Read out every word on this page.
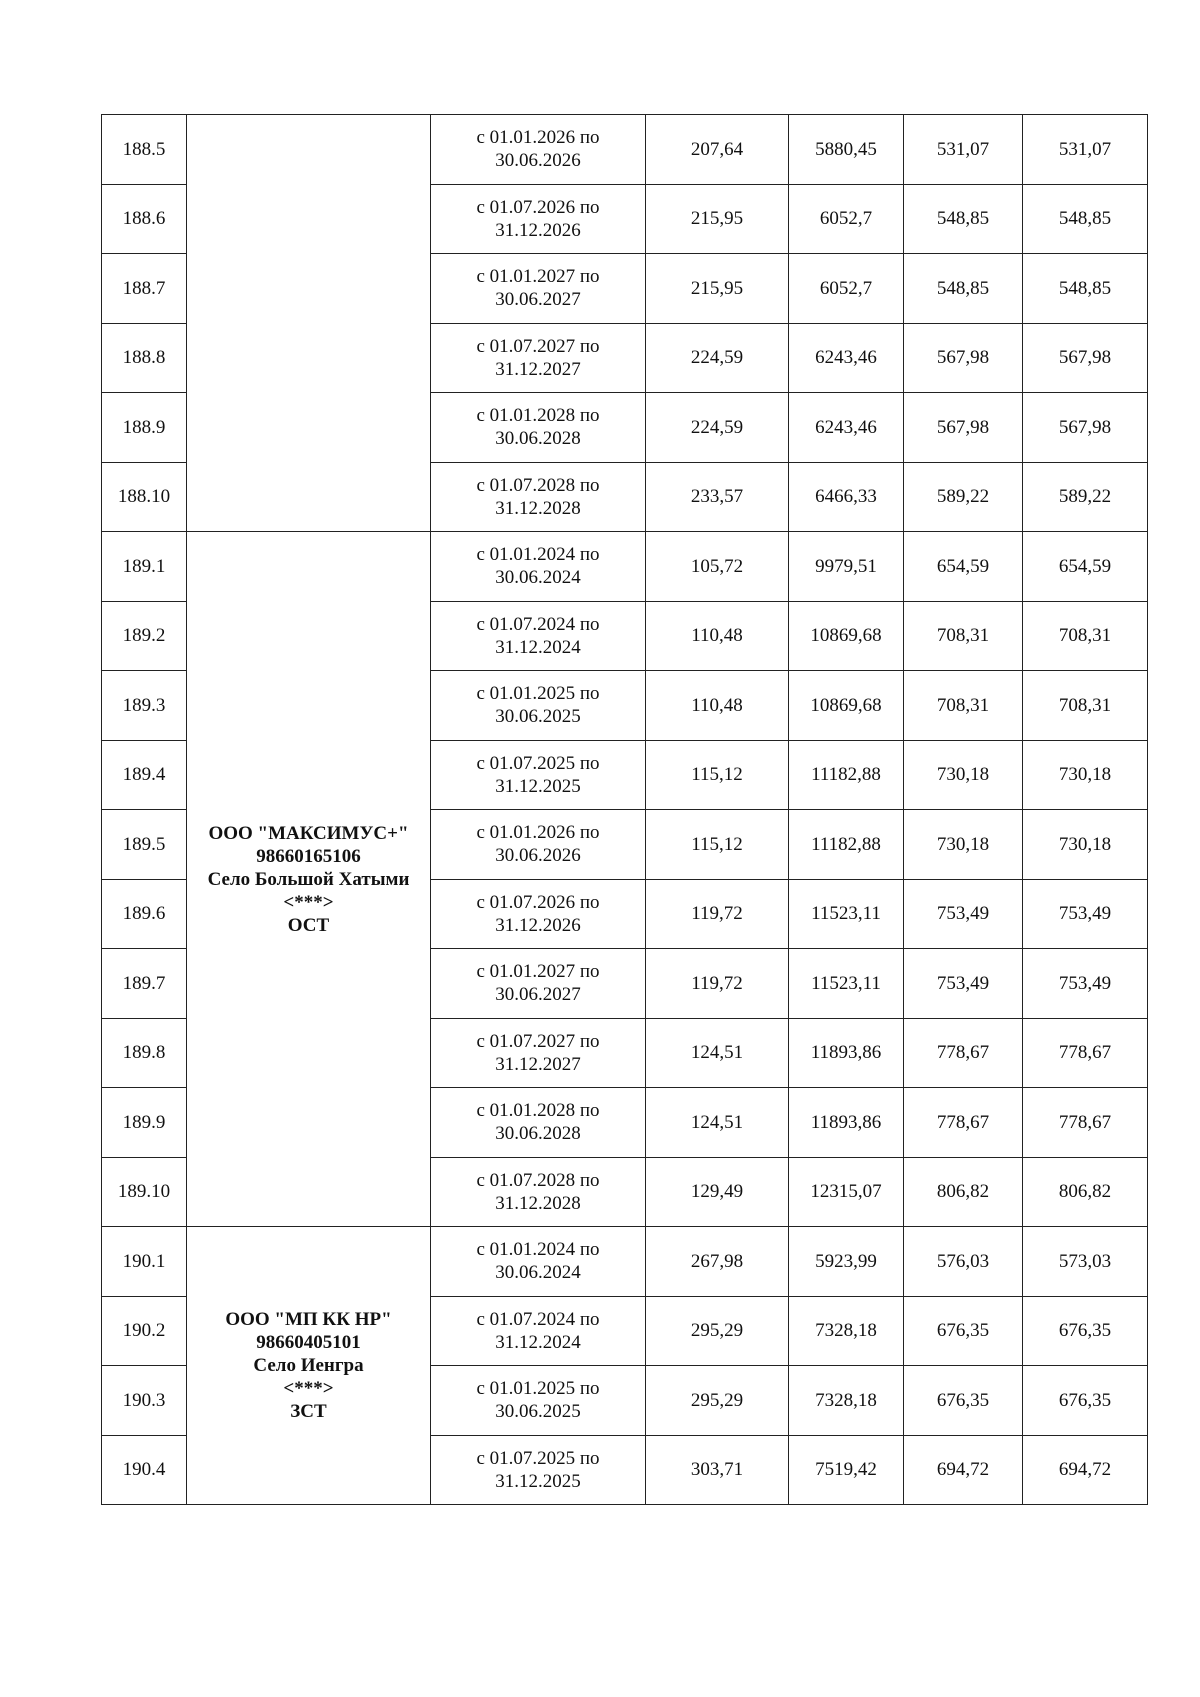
188.5		с 01.01.2026 по
30.06.2026	207,64	5880,45	531,07	531,07
188.6		с 01.07.2026 по
31.12.2026	215,95	6052,7	548,85	548,85
188.7		с 01.01.2027 по
30.06.2027	215,95	6052,7	548,85	548,85
188.8		с 01.07.2027 по
31.12.2027	224,59	6243,46	567,98	567,98
188.9		с 01.01.2028 по
30.06.2028	224,59	6243,46	567,98	567,98
188.10		с 01.07.2028 по
31.12.2028	233,57	6466,33	589,22	589,22
189.1	ООО "МАКСИМУС+"
98660165106
Село Большой Хатыми
<***>
ОСТ	с 01.01.2024 по
30.06.2024	105,72	9979,51	654,59	654,59
189.2		с 01.07.2024 по
31.12.2024	110,48	10869,68	708,31	708,31
189.3		с 01.01.2025 по
30.06.2025	110,48	10869,68	708,31	708,31
189.4		с 01.07.2025 по
31.12.2025	115,12	11182,88	730,18	730,18
189.5		с 01.01.2026 по
30.06.2026	115,12	11182,88	730,18	730,18
189.6		с 01.07.2026 по
31.12.2026	119,72	11523,11	753,49	753,49
189.7		с 01.01.2027 по
30.06.2027	119,72	11523,11	753,49	753,49
189.8		с 01.07.2027 по
31.12.2027	124,51	11893,86	778,67	778,67
189.9		с 01.01.2028 по
30.06.2028	124,51	11893,86	778,67	778,67
189.10		с 01.07.2028 по
31.12.2028	129,49	12315,07	806,82	806,82
190.1	ООО "МП КК НР"
98660405101
Село Иенгра
<***>
ЗСТ	с 01.01.2024 по
30.06.2024	267,98	5923,99	576,03	573,03
190.2		с 01.07.2024 по
31.12.2024	295,29	7328,18	676,35	676,35
190.3		с 01.01.2025 по
30.06.2025	295,29	7328,18	676,35	676,35
190.4		с 01.07.2025 по
31.12.2025	303,71	7519,42	694,72	694,72
